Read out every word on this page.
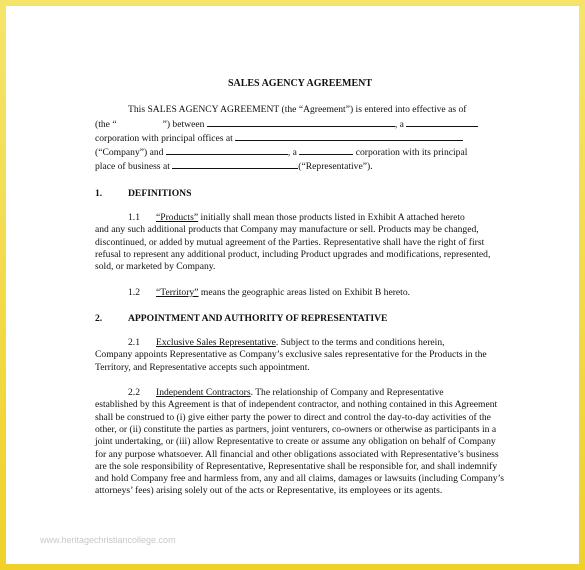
SALES AGENCY AGREEMENT

This SALES AGENCY AGREEMENT (the “Agreement”) is entered into effective as of

(the “	”) between	, a

corporation with principal offices at

(“Company”) and	, a	corporation with its principal

place of business at	(“Representative”).

1.	DEFINITIONS

1.1 “Products” initially shall mean those products listed in Exhibit A attached hereto
and any such additional products that Company may manufacture or sell. Products may be changed, discontinued, or added by mutual agreement of the Parties. Representative shall have the right of first refusal to represent any additional product, including Product upgrades and modifications, represented, sold, or marketed by Company.

1.2 “Territory” means the geographic areas listed on Exhibit B hereto.

2.	APPOINTMENT AND AUTHORITY OF REPRESENTATIVE

2.1 Exclusive Sales Representative. Subject to the terms and conditions herein,
Company appoints Representative as Company’s exclusive sales representative for the Products in the Territory, and Representative accepts such appointment.

2.2 Independent Contractors. The relationship of Company and Representative
established by this Agreement is that of independent contractor, and nothing contained in this Agreement shall be construed to (i) give either party the power to direct and control the day-to-day activities of the other, or (ii) constitute the parties as partners, joint venturers, co-owners or otherwise as participants in a joint undertaking, or (iii) allow Representative to create or assume any obligation on behalf of Company for any purpose whatsoever. All financial and other obligations associated with Representative’s business are the sole responsibility of Representative, Representative shall be responsible for, and shall indemnify and hold Company free and harmless from, any and all claims, damages or lawsuits (including Company’s attorneys’ fees) arising solely out of the acts or Representative, its employees or its agents.

www.heritagechristiancollege.com
